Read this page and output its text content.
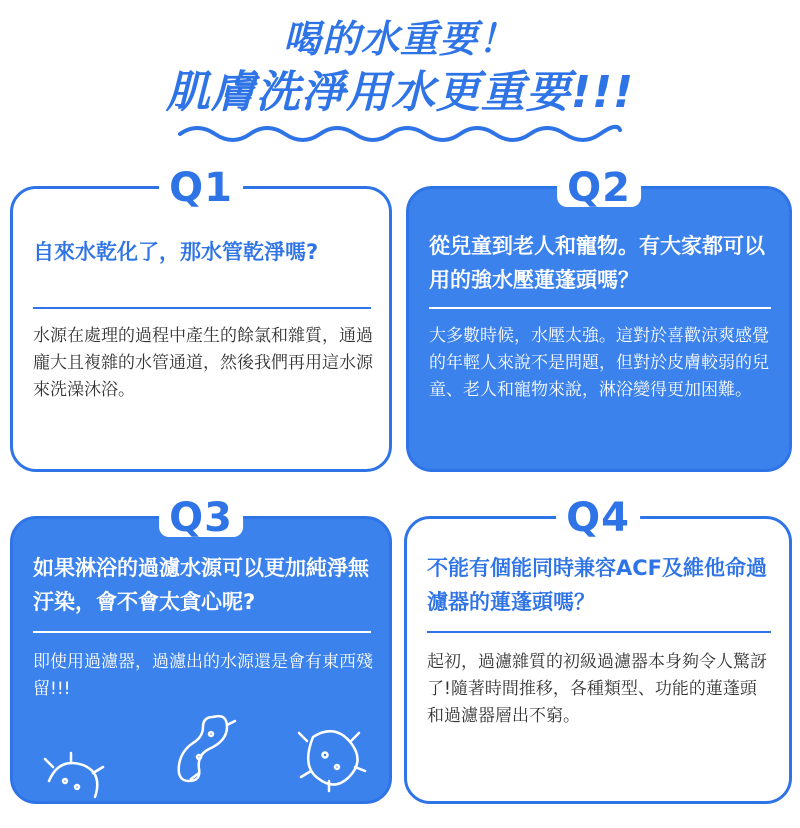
喝的水重要！
肌膚洗淨用水更重要!!!
Q1
自來水乾化了，那水管乾淨嗎?
水源在處理的過程中產生的餘氯和雜質，通過龐大且複雜的水管通道，然後我們再用這水源來洗澡沐浴。
Q2
從兒童到老人和寵物。有大家都可以用的強水壓蓮蓬頭嗎？
大多數時候，水壓太強。這對於喜歡涼爽感覺的年輕人來說不是問題，但對於皮膚較弱的兒童、老人和寵物來說，淋浴變得更加困難。
Q3
如果淋浴的過濾水源可以更加純淨無汙染，會不會太貪心呢?
即使用過濾器，過濾出的水源還是會有東西殘留!!!
Q4
不能有個能同時兼容ACF及維他命過濾器的蓮蓬頭嗎？
起初，過濾雜質的初級過濾器本身夠令人驚訝了!隨著時間推移，各種類型、功能的蓮蓬頭和過濾器層出不窮。
